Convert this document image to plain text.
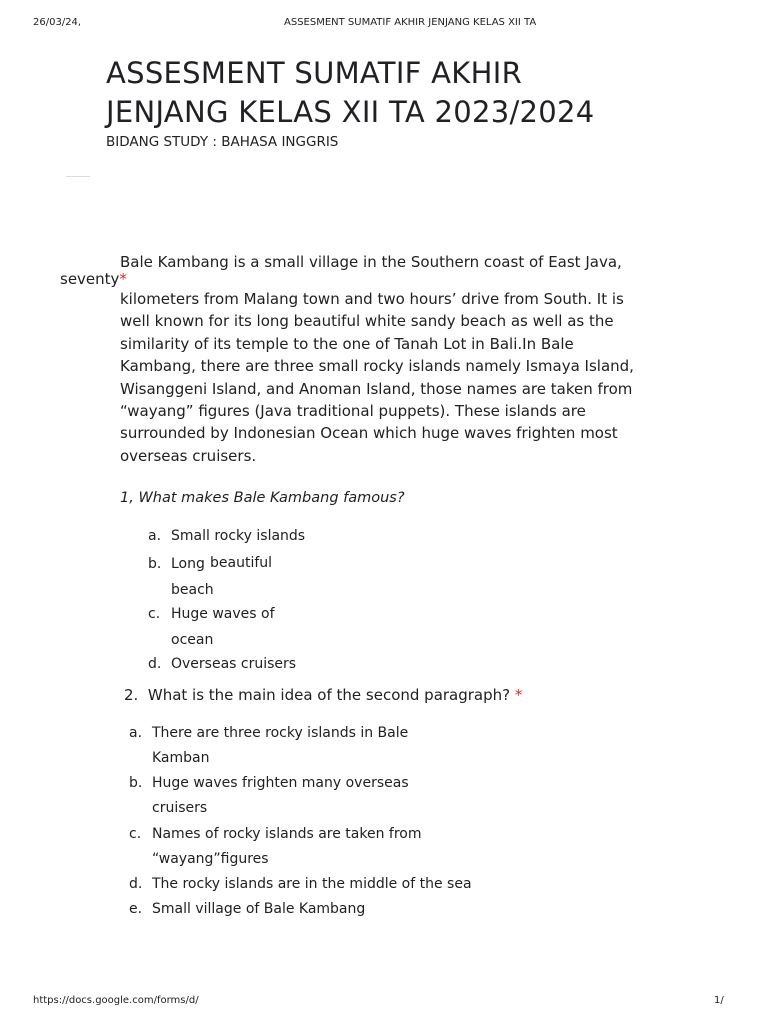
26/03/24,	ASSESMENT SUMATIF AKHIR JENJANG KELAS XII TA
ASSESMENT SUMATIF AKHIR
JENJANG KELAS XII TA 2023/2024
BIDANG STUDY : BAHASA INGGRIS
Bale Kambang is a small village in the Southern coast of East Java,
seventy*
kilometers from Malang town and two hours’ drive from South. It is
well known for its long beautiful white sandy beach as well as the
similarity of its temple to the one of Tanah Lot in Bali.In Bale
Kambang, there are three small rocky islands namely Ismaya Island,
Wisanggeni Island, and Anoman Island, those names are taken from
“wayang” figures (Java traditional puppets). These islands are
surrounded by Indonesian Ocean which huge waves frighten most
overseas cruisers.
1, What makes Bale Kambang famous?
a. Small rocky islands
b. Long beautiful
beach
c. Huge waves of
ocean
d. Overseas cruisers
2. What is the main idea of the second paragraph? *
a. There are three rocky islands in Bale
Kamban
b. Huge waves frighten many overseas
cruisers
c. Names of rocky islands are taken from
“wayang”figures
d. The rocky islands are in the middle of the sea
e. Small village of Bale Kambang
https://docs.google.com/forms/d/	1/
